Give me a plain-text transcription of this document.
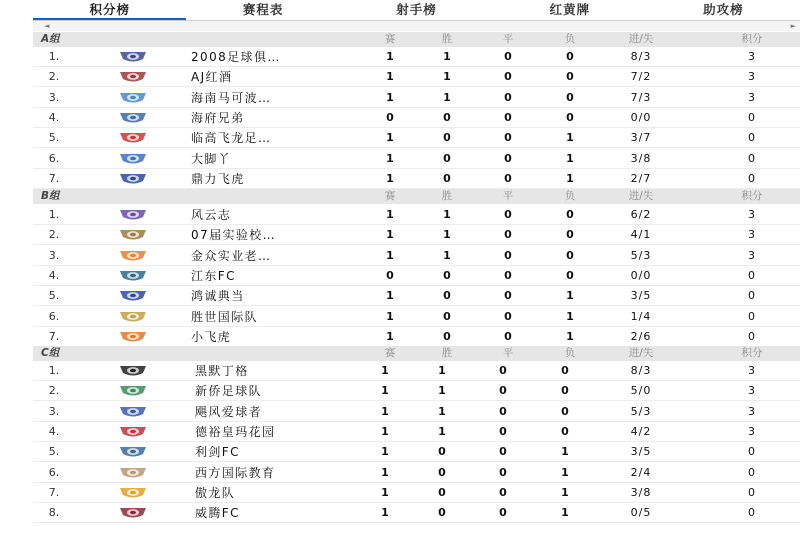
积分榜	赛程表	射手榜	红黄牌	助攻榜
◄	►
A组	赛	胜	平	负	进/失	积分
1.	2008足球俱…	1	1	0	0	8/3	3
2.	AJ红酒	1	1	0	0	7/2	3
3.	海南马可波…	1	1	0	0	7/3	3
4.	海府兄弟	0	0	0	0	0/0	0
5.	临高飞龙足…	1	0	0	1	3/7	0
6.	大脚丫	1	0	0	1	3/8	0
7.	鼎力飞虎	1	0	0	1	2/7	0
B组	赛	胜	平	负	进/失	积分
1.	风云志	1	1	0	0	6/2	3
2.	07届实验校…	1	1	0	0	4/1	3
3.	金众实业老…	1	1	0	0	5/3	3
4.	江东FC	0	0	0	0	0/0	0
5.	鸿诚典当	1	0	0	1	3/5	0
6.	胜世国际队	1	0	0	1	1/4	0
7.	小飞虎	1	0	0	1	2/6	0
C组	赛	胜	平	负	进/失	积分
1.	黑默丁格	1	1	0	0	8/3	3
2.	新侨足球队	1	1	0	0	5/0	3
3.	飓风爱球者	1	1	0	0	5/3	3
4.	德裕皇玛花园	1	1	0	0	4/2	3
5.	利剑FC	1	0	0	1	3/5	0
6.	西方国际教育	1	0	0	1	2/4	0
7.	傲龙队	1	0	0	1	3/8	0
8.	威腾FC	1	0	0	1	0/5	0
